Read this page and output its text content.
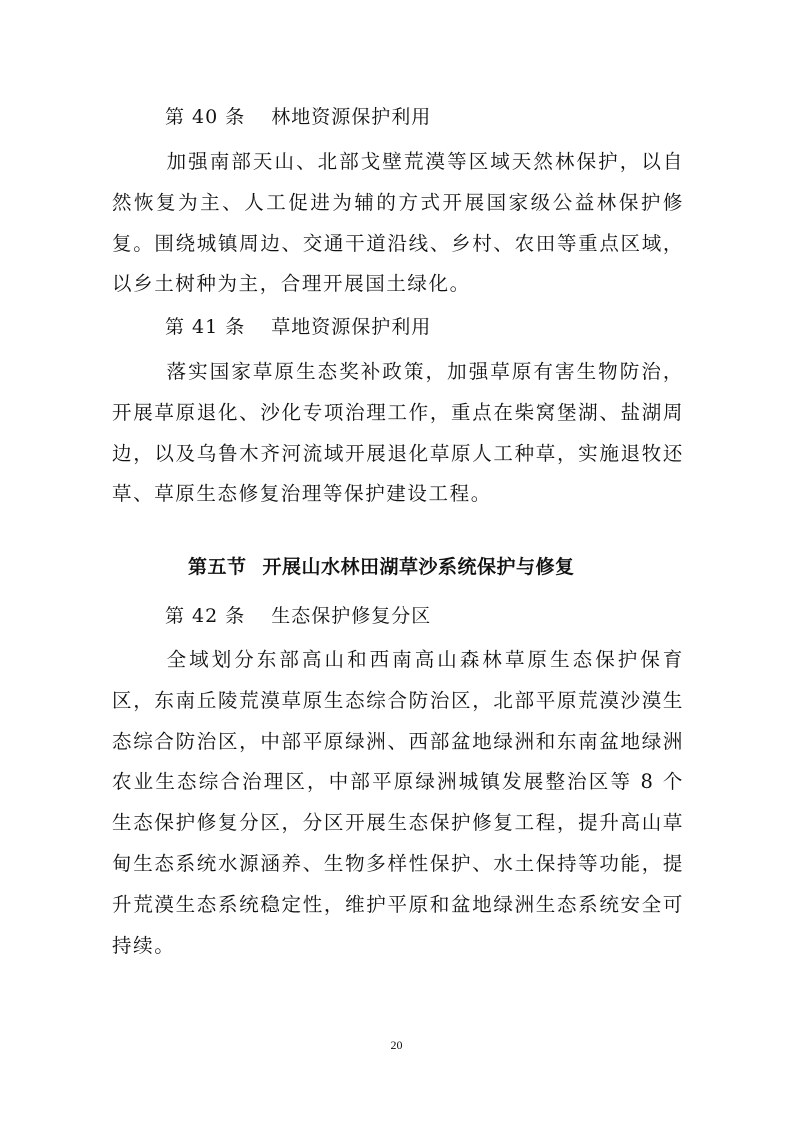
第 40 条 林地资源保护利用

加强南部天山、北部戈壁荒漠等区域天然林保护，以自然恢复为主、人工促进为辅的方式开展国家级公益林保护修复。围绕城镇周边、交通干道沿线、乡村、农田等重点区域，以乡土树种为主，合理开展国土绿化。

第 41 条 草地资源保护利用

落实国家草原生态奖补政策，加强草原有害生物防治，开展草原退化、沙化专项治理工作，重点在柴窝堡湖、盐湖周边，以及乌鲁木齐河流域开展退化草原人工种草，实施退牧还草、草原生态修复治理等保护建设工程。

第五节 开展山水林田湖草沙系统保护与修复
第 42 条 生态保护修复分区

全域划分东部高山和西南高山森林草原生态保护保育区，东南丘陵荒漠草原生态综合防治区，北部平原荒漠沙漠生态综合防治区，中部平原绿洲、西部盆地绿洲和东南盆地绿洲农业生态综合治理区，中部平原绿洲城镇发展整治区等 8 个生态保护修复分区，分区开展生态保护修复工程，提升高山草甸生态系统水源涵养、生物多样性保护、水土保持等功能，提升荒漠生态系统稳定性，维护平原和盆地绿洲生态系统安全可持续。

20
